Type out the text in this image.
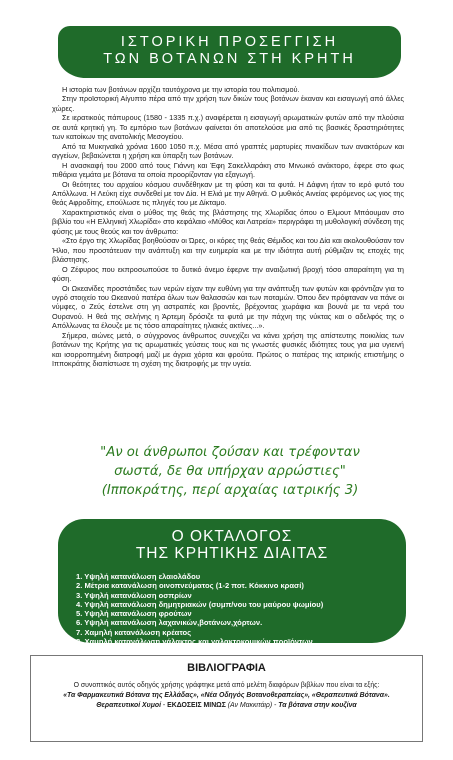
ΙΣΤΟΡΙΚΗ ΠΡΟΣΕΓΓΙΣΗ
ΤΩΝ ΒΟΤΑΝΩΝ ΣΤΗ ΚΡΗΤΗ

Η ιστορία των βοτάνων αρχίζει ταυτόχρονα με την ιστορία του πολιτισμού.

Στην προϊστορική Αίγυπτο πέρα από την χρήση των δικών τους βοτάνων έκαναν και εισαγωγή από άλλες χώρες.

Σε ιερατικούς πάπυρους (1580 - 1335 π.χ.) αναφέρεται η εισαγωγή αρωματικών φυτών από την πλούσια σε αυτά κρητική γη. Το εμπόριο των βοτάνων φαίνεται ότι αποτελούσε μια από τις βασικές δραστηριότητες των κατοίκων της ανατολικής Μεσογείου.

Από τα Μυκηναϊκά χρόνια 1600 1050 π.χ. Μέσα από γραπτές μαρτυρίες πινακίδων των ανακτόρων και αγγείων, βεβαιώνεται η χρήση και ύπαρξη των βοτάνων.

Η ανασκαφή του 2000 από τους Γιάννη και Έφη Σακελλαράκη στο Μινωικό ανάκτορο, έφερε στο φως πιθάρια γεμάτα με βότανα τα οποία προορίζονταν για εξαγωγή.

Οι θεότητες του αρχαίου κόσμου συνδέθηκαν με τη φύση και τα φυτά. Η Δάφνη ήταν το ιερό φυτό του Απόλλωνα. Η Λεύκη είχε συνδεθεί με τον Δία. Η Ελιά με την Αθηνά. Ο μυθικός Αινείας φερόμενος ως γιος της θεάς Αφροδίτης, επούλωσε τις πληγές του με Δίκταμο.

Χαρακτηριστικός είναι ο μύθος της θεάς της βλάστησης της Χλωρίδας όπου ο Ελμουτ Μπάουμαν στο βιβλίο του «Η Ελληνική Χλωρίδα» στο κεφάλαιο «Μύθος και Λατρεία» περιγράφει τη μυθολογική σύνδεση της φύσης με τους θεούς και τον άνθρωπο:

«Στο έργο της Χλωρίδας βοηθούσαν οι Ώρες, οι κόρες της θεάς Θέμιδος και του Δία και ακολουθούσαν τον Ήλιο, που προστάτευαν την ανάπτυξη και την ευημερία και με την ιδιότητα αυτή ρύθμιζαν τις εποχές της βλάστησης.

Ο Ζέφυρος που εκπροσωπούσε το δυτικό άνεμο έφερνε την αναιζωτική βροχή τόσο απαραίτητη για τη φύση.

Οι Ωκεανίδες προστάτιδες των νερών είχαν την ευθύνη για την ανάπτυξη των φυτών και φρόντιζαν για το υγρό στοιχείο του Ωκεανού πατέρα όλων των θαλασσών και των ποταμών. Όπου δεν πρόφταναν να πάνε οι νύμφες, ο Ζεύς έστελνε στη γη αστραπές και βροντές, βρέχοντας χωράφια και βουνά με τα νερά του Ουρανού. Η θεά της σελήνης η Άρτεμη δρόσιζε τα φυτά με την πάχνη της νύκτας και ο αδελφός της ο Απόλλωνας τα έλουζε με τις τόσο απαραίτητες ηλιακές ακτίνες...».

Σήμερα, αιώνες μετά, ο σύγχρονος άνθρωπος συνεχίζει να κάνει χρήση της απίστευτης ποικιλίας των βοτάνων της Κρήτης για τις αρωματικές γεύσεις τους και τις γνωστές φυσικές ιδιότητες τους για μια υγιεινή και ισορροπημένη διατροφή μαζί με άγρια χόρτα και φρούτα. Πρώτος ο πατέρας της ιατρικής επιστήμης ο Ιπποκράτης διαπίστωσε τη σχέση της διατροφής με την υγεία.

"Αν οι άνθρωποι ζούσαν και τρέφονταν
σωστά, δε θα υπήρχαν αρρώστιες"
(Ιπποκράτης, περί αρχαίας ιατρικής 3)
Ο ΟΚΤΑΛΟΓΟΣ
ΤΗΣ ΚΡΗΤΙΚΗΣ ΔΙΑΙΤΑΣ
1. Υψηλή κατανάλωση ελαιολάδου
2. Μέτρια κατανάλωση οινοπνεύματος (1-2 ποτ. Κόκκινο κρασί)
3. Υψηλή κατανάλωση οσπρίων
4. Υψηλή κατανάλωση δημητριακών (συμπ/νου του μαύρου ψωμίου)
5. Υψηλή κατανάλωση φρούτων
6. Υψηλή κατανάλωση λαχανικών,βοτάνων,χόρτων.
7. Χαμηλή κατανάλωση κρέατος
8. Χαμηλή κατανάλωση γάλακτος και γαλακτοκομικών προϊόντων
ΒΙΒΛΙΟΓΡΑΦΙΑ
Ο συνοπτικός αυτός οδηγός χρήσης γράφτηκε μετά από μελέτη διαφόρων βιβλίων που είναι τα εξής:
«Τα Φαρμακευτικά Βότανα της Ελλάδας», «Νέα Οδηγός Βοτανοθεραπείας», «Θεραπευτικά Βότανα».
Θεραπευτικοί Χυμοί - ΕΚΔΟΣΕΙΣ ΜΙΝΩΣ (Αν Μακκιτάιρ) - Τα βότανα στην κουζίνα
